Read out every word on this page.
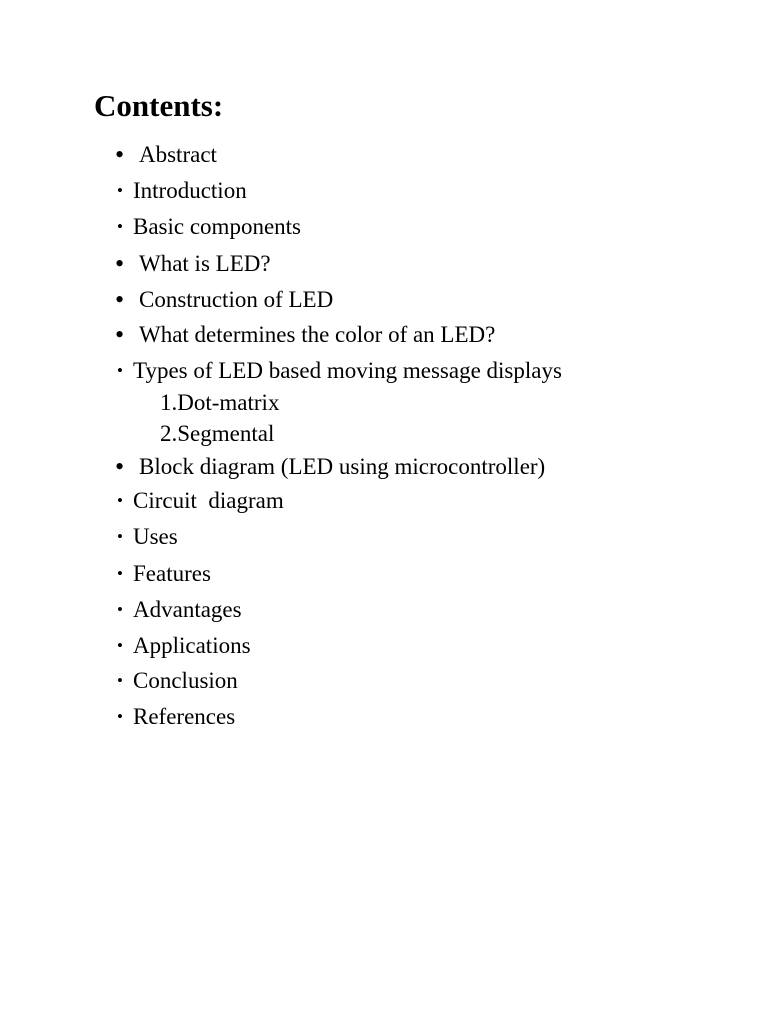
Contents:
• Abstract
• Introduction
• Basic components
• What is LED?
• Construction of LED
• What determines the color of an LED?
• Types of LED based moving message displays
1.Dot-matrix
2.Segmental
• Block diagram (LED using microcontroller)
• Circuit  diagram
• Uses
• Features
• Advantages
• Applications
• Conclusion
• References
